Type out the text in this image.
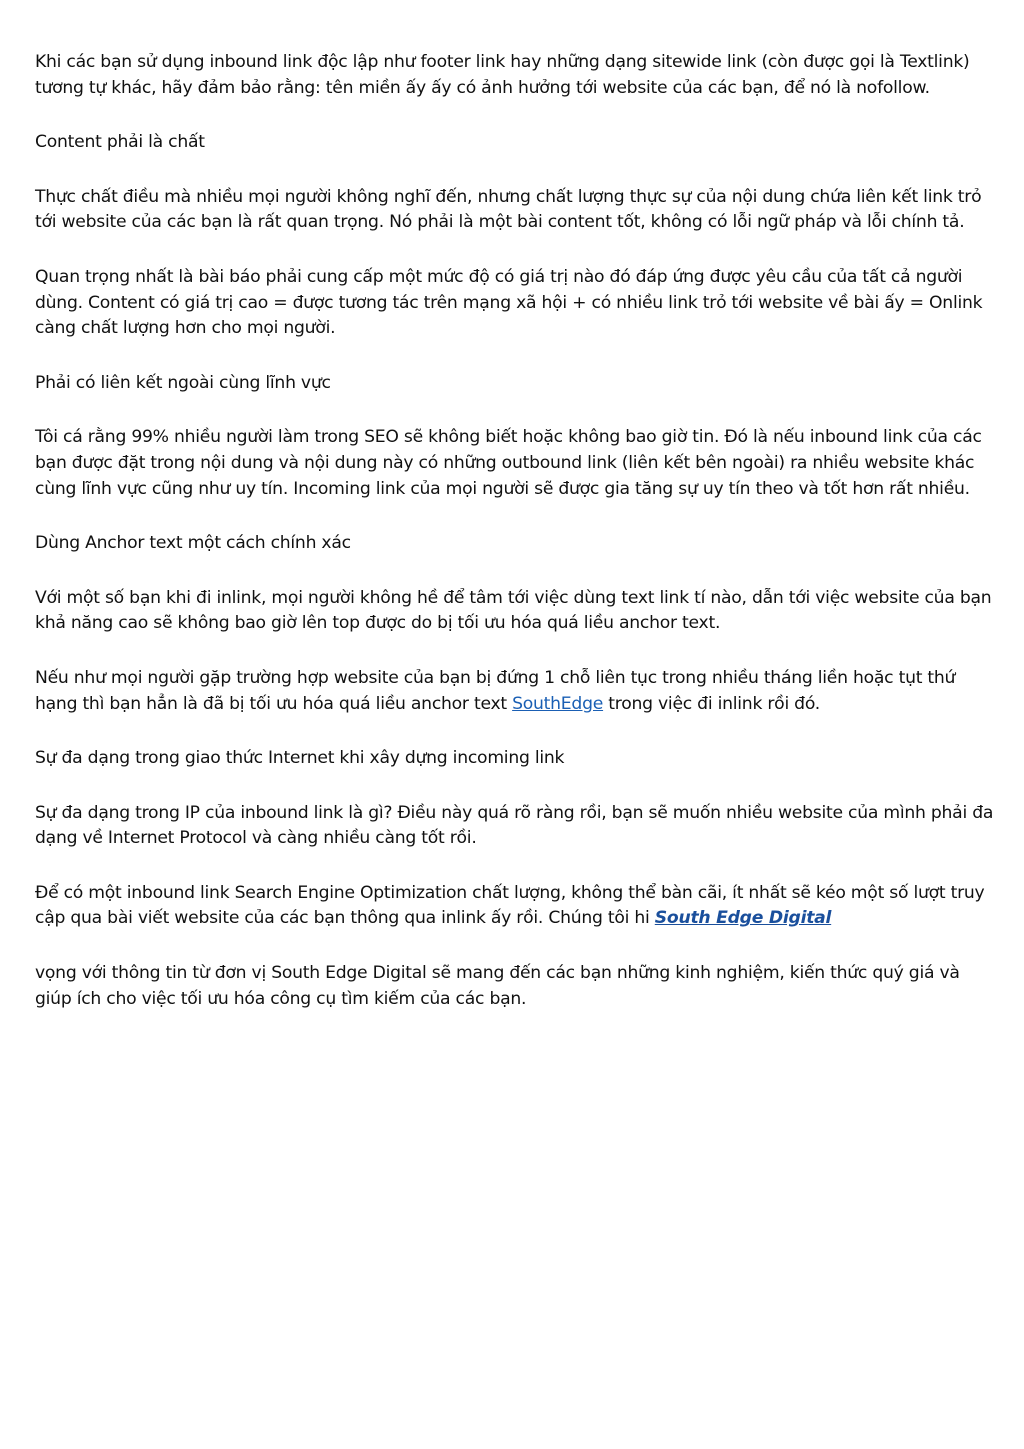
Khi các bạn sử dụng inbound link độc lập như footer link hay những dạng sitewide link (còn được gọi là Textlink) tương tự khác, hãy đảm bảo rằng: tên miền ấy ấy có ảnh hưởng tới website của các bạn, để nó là nofollow.

Content phải là chất

Thực chất điều mà nhiều mọi người không nghĩ đến, nhưng chất lượng thực sự của nội dung chứa liên kết link trỏ tới website của các bạn là rất quan trọng. Nó phải là một bài content tốt, không có lỗi ngữ pháp và lỗi chính tả.

Quan trọng nhất là bài báo phải cung cấp một mức độ có giá trị nào đó đáp ứng được yêu cầu của tất cả người dùng. Content có giá trị cao = được tương tác trên mạng xã hội + có nhiều link trỏ tới website về bài ấy = Onlink càng chất lượng hơn cho mọi người.

Phải có liên kết ngoài cùng lĩnh vực

Tôi cá rằng 99% nhiều người làm trong SEO sẽ không biết hoặc không bao giờ tin. Đó là nếu inbound link của các bạn được đặt trong nội dung và nội dung này có những outbound link (liên kết bên ngoài) ra nhiều website khác cùng lĩnh vực cũng như uy tín. Incoming link của mọi người sẽ được gia tăng sự uy tín theo và tốt hơn rất nhiều.

Dùng Anchor text một cách chính xác

Với một số bạn khi đi inlink, mọi người không hề để tâm tới việc dùng text link tí nào, dẫn tới việc website của bạn khả năng cao sẽ không bao giờ lên top được do bị tối ưu hóa quá liều anchor text.

Nếu như mọi người gặp trường hợp website của bạn bị đứng 1 chỗ liên tục trong nhiều tháng liền hoặc tụt thứ hạng thì bạn hẳn là đã bị tối ưu hóa quá liều anchor text SouthEdge trong việc đi inlink rồi đó.

Sự đa dạng trong giao thức Internet khi xây dựng incoming link

Sự đa dạng trong IP của inbound link là gì? Điều này quá rõ ràng rồi, bạn sẽ muốn nhiều website của mình phải đa dạng về Internet Protocol và càng nhiều càng tốt rồi.

Để có một inbound link Search Engine Optimization chất lượng, không thể bàn cãi, ít nhất sẽ kéo một số lượt truy cập qua bài viết website của các bạn thông qua inlink ấy rồi. Chúng tôi hi South Edge Digital

vọng với thông tin từ đơn vị South Edge Digital sẽ mang đến các bạn những kinh nghiệm, kiến thức quý giá và giúp ích cho việc tối ưu hóa công cụ tìm kiếm của các bạn.
